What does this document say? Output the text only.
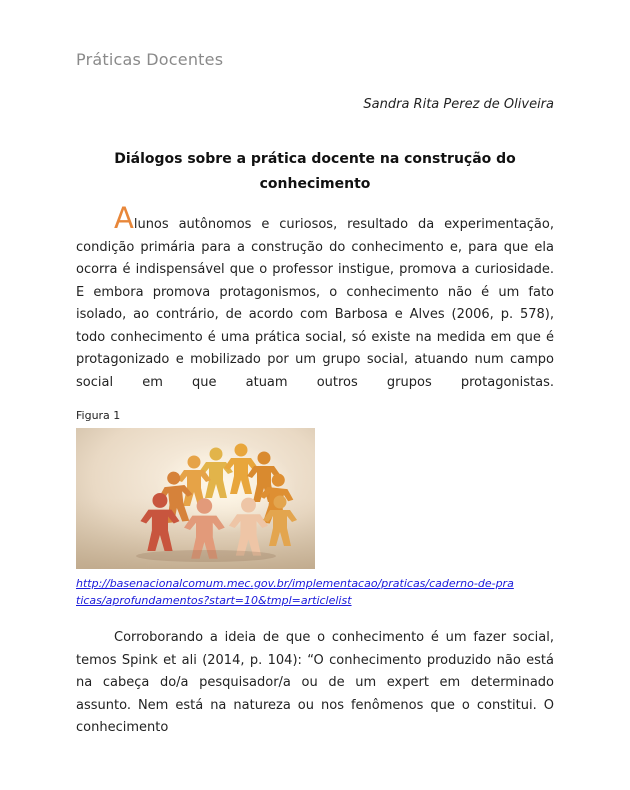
Práticas Docentes
Sandra Rita Perez de Oliveira
Diálogos sobre a prática docente na construção do
conhecimento
Alunos autônomos e curiosos, resultado da experimentação,
condição primária para a construção do conhecimento e, para que ela ocorra é indispensável que o professor instigue, promova a curiosidade. E embora promova protagonismos, o conhecimento não é um fato isolado, ao contrário, de acordo com Barbosa e Alves (2006, p. 578), todo conhecimento é uma prática social, só existe na medida em que é protagonizado e mobilizado por um grupo social, atuando num campo social em que atuam outros grupos protagonistas.
Figura 1
http://basenacionalcomum.mec.gov.br/implementacao/praticas/caderno-de-praticas/aprofundamentos?start=10&tmpl=articlelist
Corroborando a ideia de que o conhecimento é um fazer social,
temos Spink et ali (2014, p. 104): “O conhecimento produzido não está na cabeça do/a pesquisador/a ou de um expert em determinado assunto. Nem está na natureza ou nos fenômenos que o constitui. O conhecimento
